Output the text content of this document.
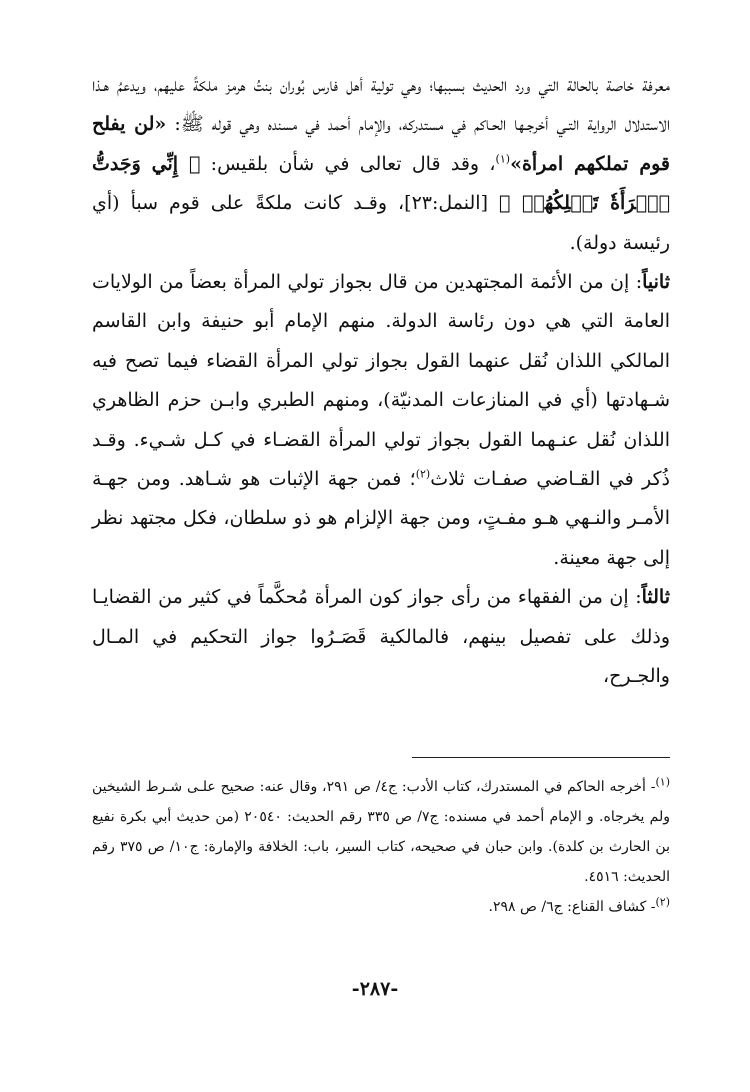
معرفة خاصة بالحالة التي ورد الحديث بسببها؛ وهي تولية أهل فارس بُوران بنتُ هرمز ملكةً عليهم، ويدعمُ هـذا الاستدلال الرواية التـي أخرجـها الحـاكم في مستدركه، والإمام أحمد في مسنده وهي قوله ﷺ: «لن يفلح قوم تملكهم امرأة»$^{(١)}$، وقد قال تعالى في شأن بلقيس: ﴿ إِنِّي وَجَدتُّ ٱمۡرَأَةٗ تَمۡلِكُهُمۡ ﴾ [النمل:٢٣]، وقـد كانت ملكةً على قوم سبأ (أي رئيسة دولة).

ثانياً: إن من الأئمة المجتهدين من قال بجواز تولي المرأة بعضاً من الولايات العامة التي هي دون رئاسة الدولة. منهم الإمام أبو حنيفة وابن القاسم المالكي اللذان نُقل عنهما القول بجواز تولي المرأة القضاء فيما تصح فيه شـهادتها (أي في المنازعات المدنيّة)، ومنهم الطبري وابـن حزم الظاهري اللذان نُقل عنـهما القول بجواز تولي المرأة القضـاء في كـل شـيء. وقـد ذُكر في القـاضي صفـات ثلاث$^{(٢)}$؛ فمن جهة الإثبات هو شـاهد. ومن جهـة الأمـر والنـهي هـو مفـتٍ، ومن جهة الإلزام هو ذو سلطان، فكل مجتهد نظر إلى جهة معينة.

ثالثاً: إن من الفقهاء من رأى جواز كون المرأة مُحكَّماً في كثير من القضايـا وذلك على تفصيل بينهم، فالمالكية قَصَـرُوا جواز التحكيم في المـال والجـرح،

$^{(١)}$- أخرجه الحاكم في المستدرك، كتاب الأدب: ج٤/ ص ٢٩١، وقال عنه: صحيح علـى شـرط الشيخين ولم يخرجاه. و الإمام أحمد في مسنده: ج٧/ ص ٣٣٥ رقم الحديث: ٢٠٥٤٠ (من حديث أبي بكرة نفيع بن الحارث بن كلدة). وابن حبان في صحيحه، كتاب السير، باب: الخلافة والإمارة: ج١٠/ ص ٣٧٥ رقم الحديث: ٤٥١٦.

$^{(٢)}$- كشاف القناع: ج٦/ ص ٢٩٨.

-٢٨٧-
